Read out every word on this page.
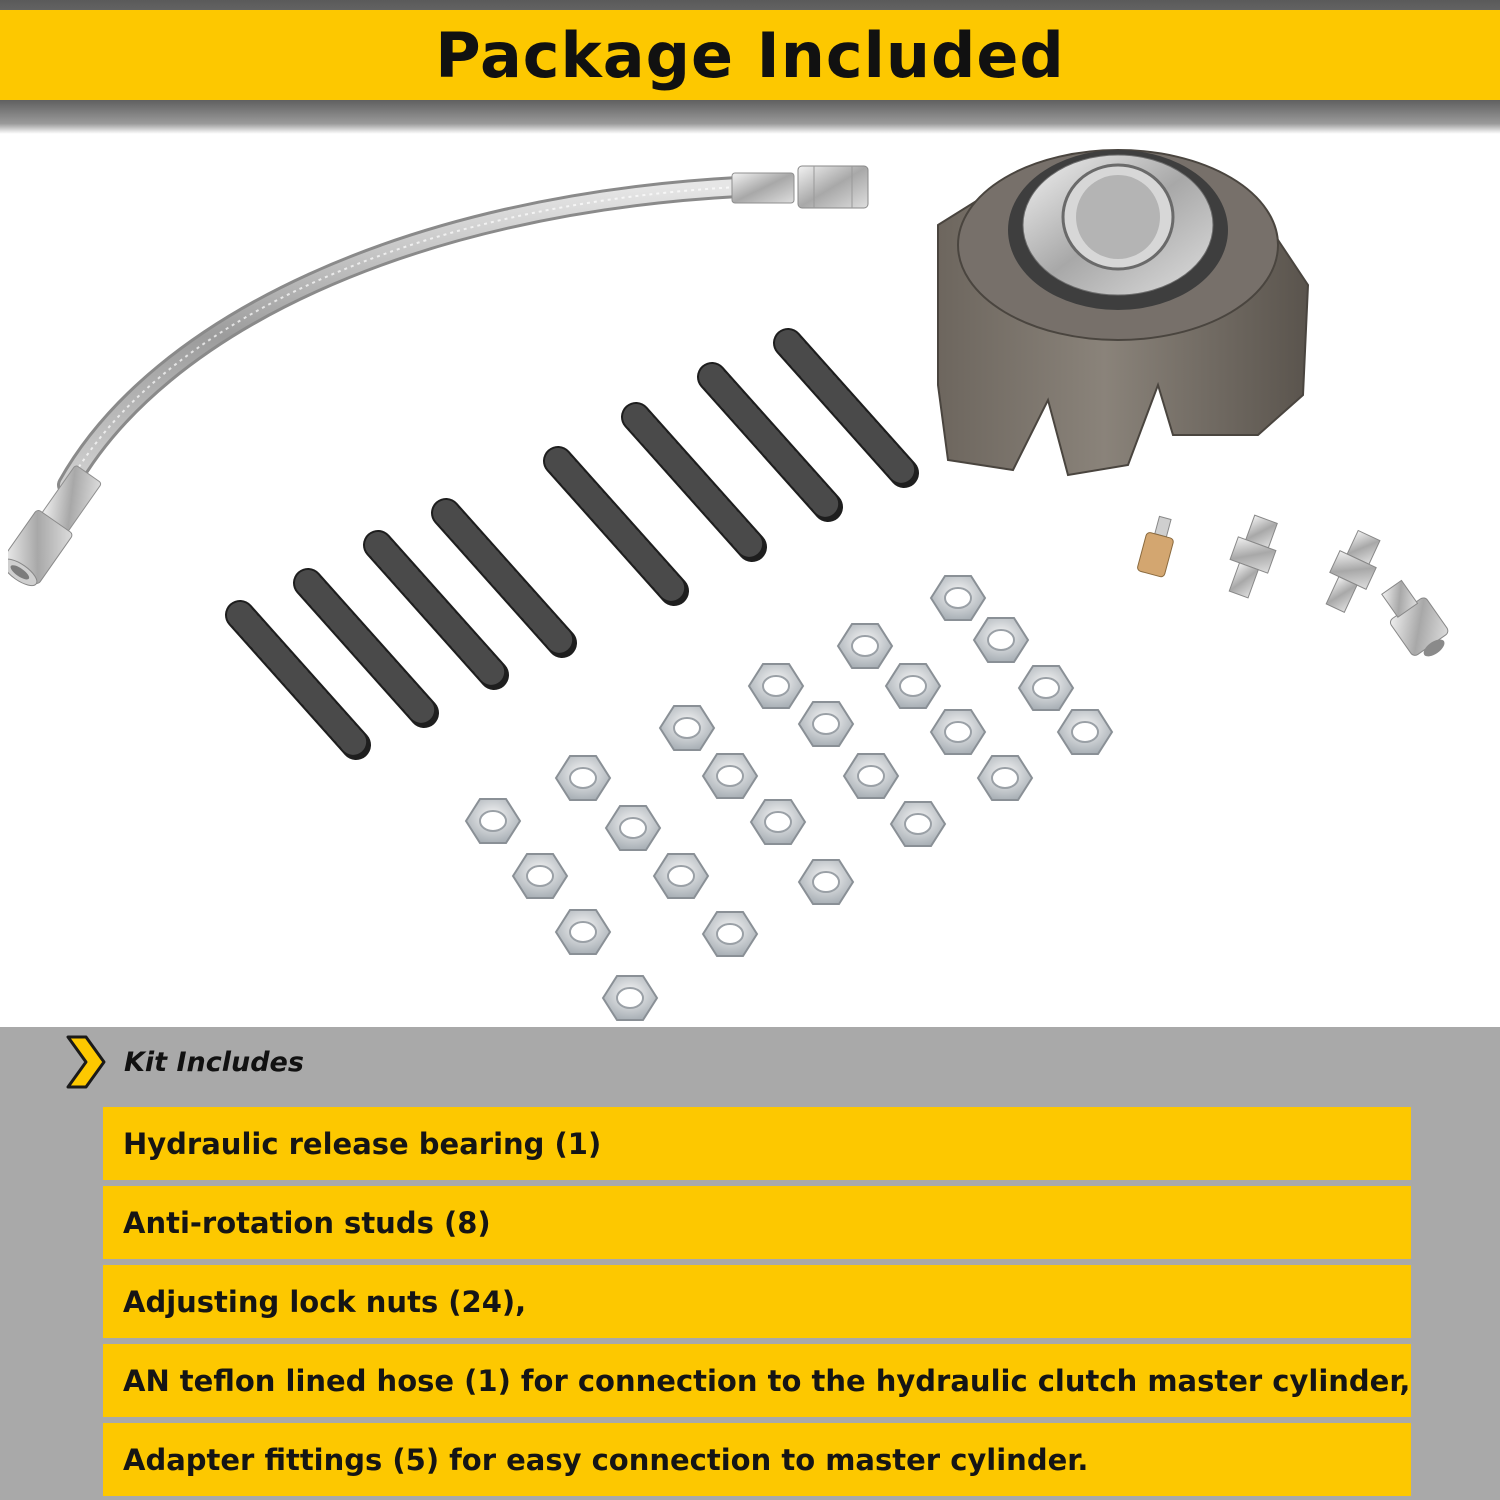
Package Included
Kit Includes
Hydraulic release bearing (1)
Anti-rotation studs (8)
Adjusting lock nuts (24),
AN teflon lined hose (1) for connection to the hydraulic clutch master cylinder,
Adapter fittings (5) for easy connection to master cylinder.
